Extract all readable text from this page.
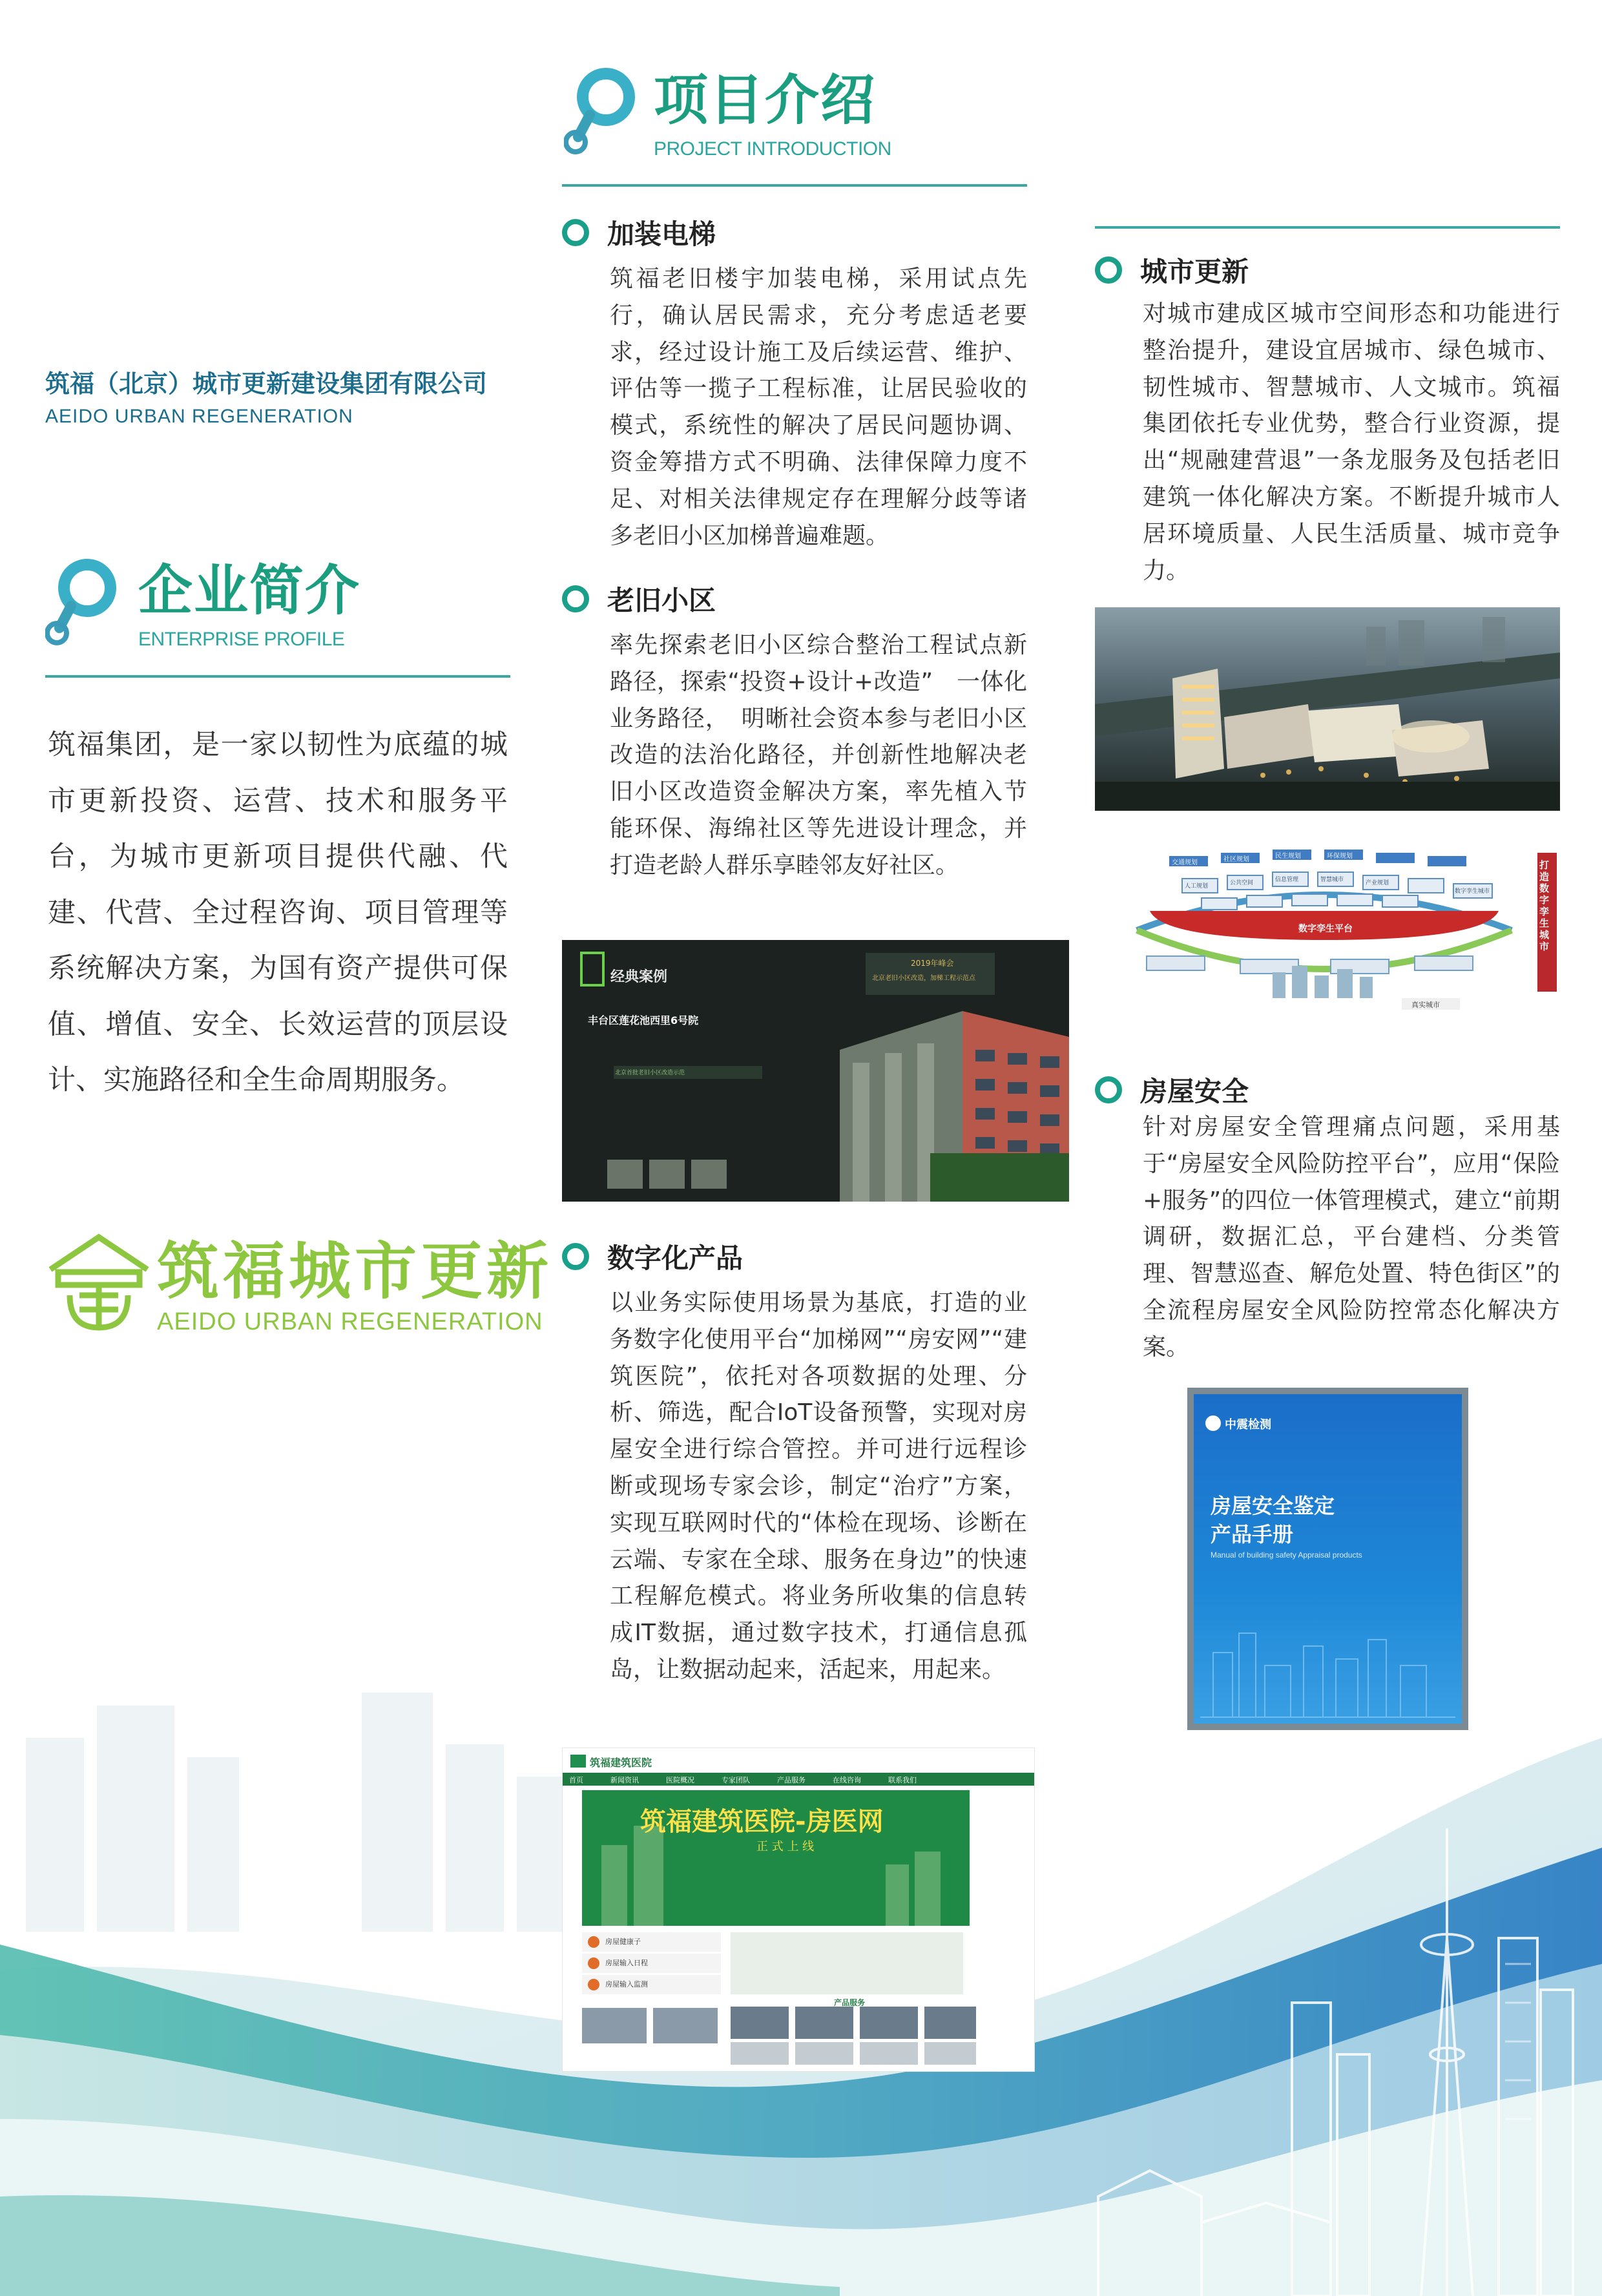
筑福（北京）城市更新建设集团有限公司
AEIDO URBAN REGENERATION
企业简介
ENTERPRISE PROFILE
筑福集团，是一家以韧性为底蕴的城市更新投资、运营、技术和服务平台，为城市更新项目提供代融、代建、代营、全过程咨询、项目管理等系统解决方案，为国有资产提供可保值、增值、安全、长效运营的顶层设计、实施路径和全生命周期服务。
筑福城市更新
AEIDO URBAN REGENERATION
项目介绍
PROJECT INTRODUCTION
加装电梯
筑福老旧楼宇加装电梯，采用试点先行，确认居民需求，充分考虑适老要求，经过设计施工及后续运营、维护、评估等一揽子工程标准，让居民验收的模式，系统性的解决了居民问题协调、资金筹措方式不明确、法律保障力度不足、对相关法律规定存在理解分歧等诸多老旧小区加梯普遍难题。
老旧小区
率先探索老旧小区综合整治工程试点新路径，探索“投资+设计+改造”　一体化业务路径，　明晰社会资本参与老旧小区改造的法治化路径，并创新性地解决老旧小区改造资金解决方案，率先植入节能环保、海绵社区等先进设计理念，并打造老龄人群乐享睦邻友好社区。
经典案例
丰台区莲花池西里6号院
北京首批老旧小区改造示范
2019年峰会
北京老旧小区改造，加梯工程示范点
数字化产品
以业务实际使用场景为基底，打造的业务数字化使用平台“加梯网”“房安网”“建筑医院”，依托对各项数据的处理、分析、筛选，配合IoT设备预警，实现对房屋安全进行综合管控。并可进行远程诊断或现场专家会诊，制定“治疗”方案，实现互联网时代的“体检在现场、诊断在云端、专家在全球、服务在身边”的快速工程解危模式。将业务所收集的信息转成IT数据，通过数字技术，打通信息孤岛，让数据动起来，活起来，用起来。
筑福建筑医院
首页	新闻资讯	医院概况	专家团队	产品服务	在线咨询	联系我们
筑福建筑医院-房医网
正 式 上 线
房屋健康子
房屋输入日程
房屋输入监测
产品服务
城市更新
对城市建成区城市空间形态和功能进行整治提升，建设宜居城市、绿色城市、韧性城市、智慧城市、人文城市。筑福集团依托专业优势，整合行业资源，提出“规融建营退”一条龙服务及包括老旧建筑一体化解决方案。不断提升城市人居环境质量、人民生活质量、城市竞争力。
数字孪生平台
打造数字孪生城市
真实城市
交通规划	社区规划	民生规划	环保规划
人工规划	公共空间	信息管理	智慧城市	产业规划
数字孪生城市
房屋安全
针对房屋安全管理痛点问题，采用基于“房屋安全风险防控平台”，应用“保险+服务”的四位一体管理模式，建立“前期调研，数据汇总，平台建档、分类管理、智慧巡查、解危处置、特色街区”的全流程房屋安全风险防控常态化解决方案。
中震检测
房屋安全鉴定
产品手册
Manual of building safety Appraisal products
